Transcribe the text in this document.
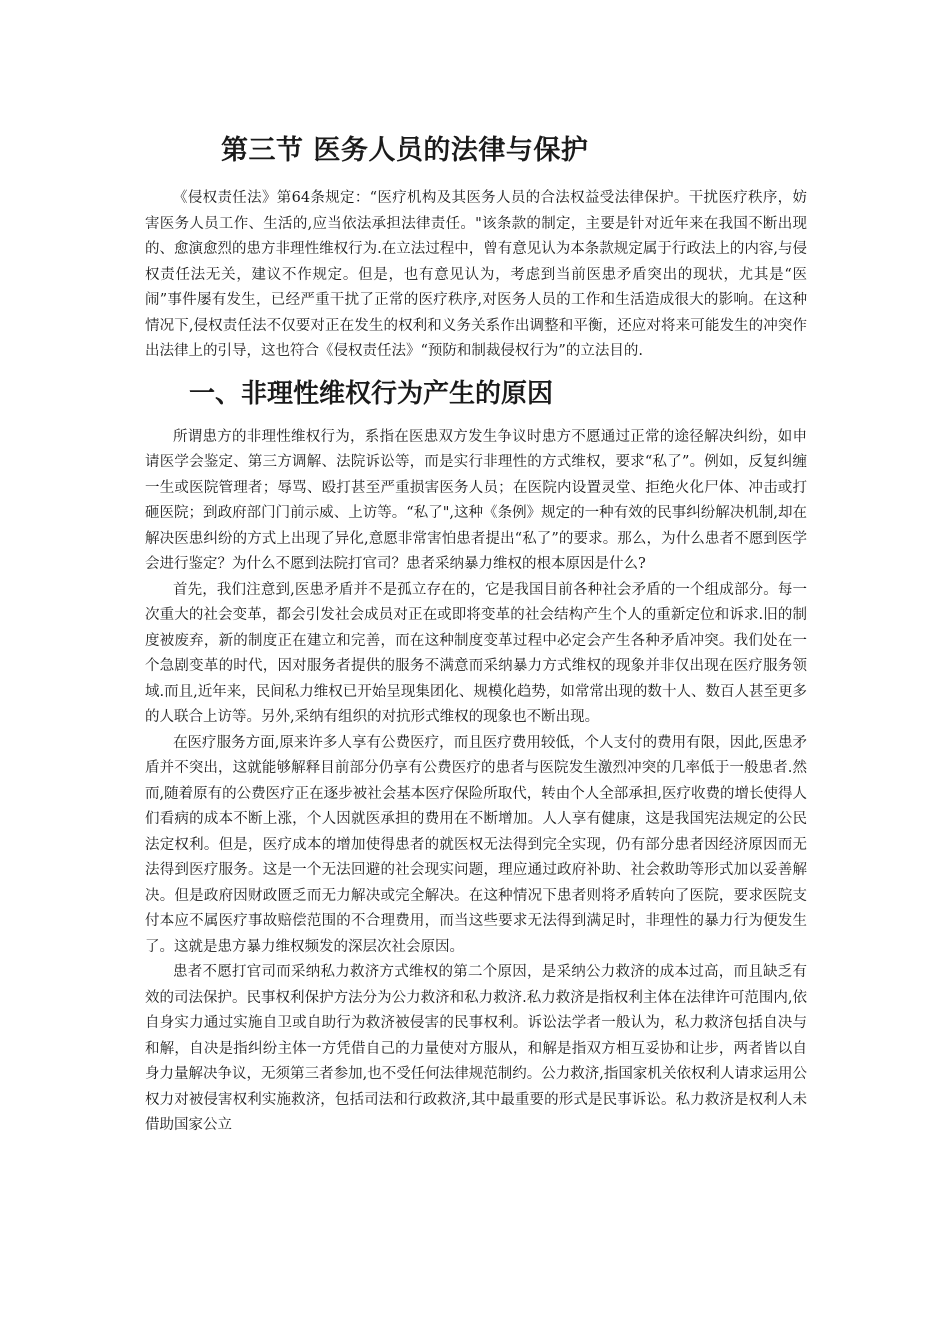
第三节 医务人员的法律与保护

《侵权责任法》第64条规定：“医疗机构及其医务人员的合法权益受法律保护。干扰医疗秩序，妨害医务人员工作、生活的,应当依法承担法律责任。"该条款的制定，主要是针对近年来在我国不断出现的、愈演愈烈的患方非理性维权行为.在立法过程中，曾有意见认为本条款规定属于行政法上的内容,与侵权责任法无关，建议不作规定。但是，也有意见认为，考虑到当前医患矛盾突出的现状，尤其是“医闹”事件屡有发生，已经严重干扰了正常的医疗秩序,对医务人员的工作和生活造成很大的影响。在这种情况下,侵权责任法不仅要对正在发生的权利和义务关系作出调整和平衡，还应对将来可能发生的冲突作出法律上的引导，这也符合《侵权责任法》“预防和制裁侵权行为”的立法目的.

一、非理性维权行为产生的原因

所谓患方的非理性维权行为，系指在医患双方发生争议时患方不愿通过正常的途径解决纠纷，如申请医学会鉴定、第三方调解、法院诉讼等，而是实行非理性的方式维权，要求“私了”。例如，反复纠缠一生或医院管理者；辱骂、殴打甚至严重损害医务人员；在医院内设置灵堂、拒绝火化尸体、冲击或打砸医院；到政府部门门前示威、上访等。“私了",这种《条例》规定的一种有效的民事纠纷解决机制,却在解决医患纠纷的方式上出现了异化,意愿非常害怕患者提出“私了”的要求。那么，为什么患者不愿到医学会进行鉴定？为什么不愿到法院打官司？患者采纳暴力维权的根本原因是什么?

首先，我们注意到,医患矛盾并不是孤立存在的，它是我国目前各种社会矛盾的一个组成部分。每一次重大的社会变革，都会引发社会成员对正在或即将变革的社会结构产生个人的重新定位和诉求.旧的制度被废弃，新的制度正在建立和完善，而在这种制度变革过程中必定会产生各种矛盾冲突。我们处在一个急剧变革的时代，因对服务者提供的服务不满意而采纳暴力方式维权的现象并非仅出现在医疗服务领域.而且,近年来，民间私力维权已开始呈现集团化、规模化趋势，如常常出现的数十人、数百人甚至更多的人联合上访等。另外,采纳有组织的对抗形式维权的现象也不断出现。

在医疗服务方面,原来许多人享有公费医疗，而且医疗费用较低，个人支付的费用有限，因此,医患矛盾并不突出，这就能够解释目前部分仍享有公费医疗的患者与医院发生激烈冲突的几率低于一般患者.然而,随着原有的公费医疗正在逐步被社会基本医疗保险所取代，转由个人全部承担,医疗收费的增长使得人们看病的成本不断上涨，个人因就医承担的费用在不断增加。人人享有健康，这是我国宪法规定的公民法定权利。但是，医疗成本的增加使得患者的就医权无法得到完全实现，仍有部分患者因经济原因而无法得到医疗服务。这是一个无法回避的社会现实问题，理应通过政府补助、社会救助等形式加以妥善解决。但是政府因财政匮乏而无力解决或完全解决。在这种情况下患者则将矛盾转向了医院，要求医院支付本应不属医疗事故赔偿范围的不合理费用，而当这些要求无法得到满足时，非理性的暴力行为便发生了。这就是患方暴力维权频发的深层次社会原因。

患者不愿打官司而采纳私力救济方式维权的第二个原因，是采纳公力救济的成本过高，而且缺乏有效的司法保护。民事权利保护方法分为公力救济和私力救济.私力救济是指权利主体在法律许可范围内,依自身实力通过实施自卫或自助行为救济被侵害的民事权利。诉讼法学者一般认为，私力救济包括自决与和解，自决是指纠纷主体一方凭借自己的力量使对方服从，和解是指双方相互妥协和让步，两者皆以自身力量解决争议，无须第三者参加,也不受任何法律规范制约。公力救济,指国家机关依权利人请求运用公权力对被侵害权利实施救济，包括司法和行政救济,其中最重要的形式是民事诉讼。私力救济是权利人未借助国家公立
